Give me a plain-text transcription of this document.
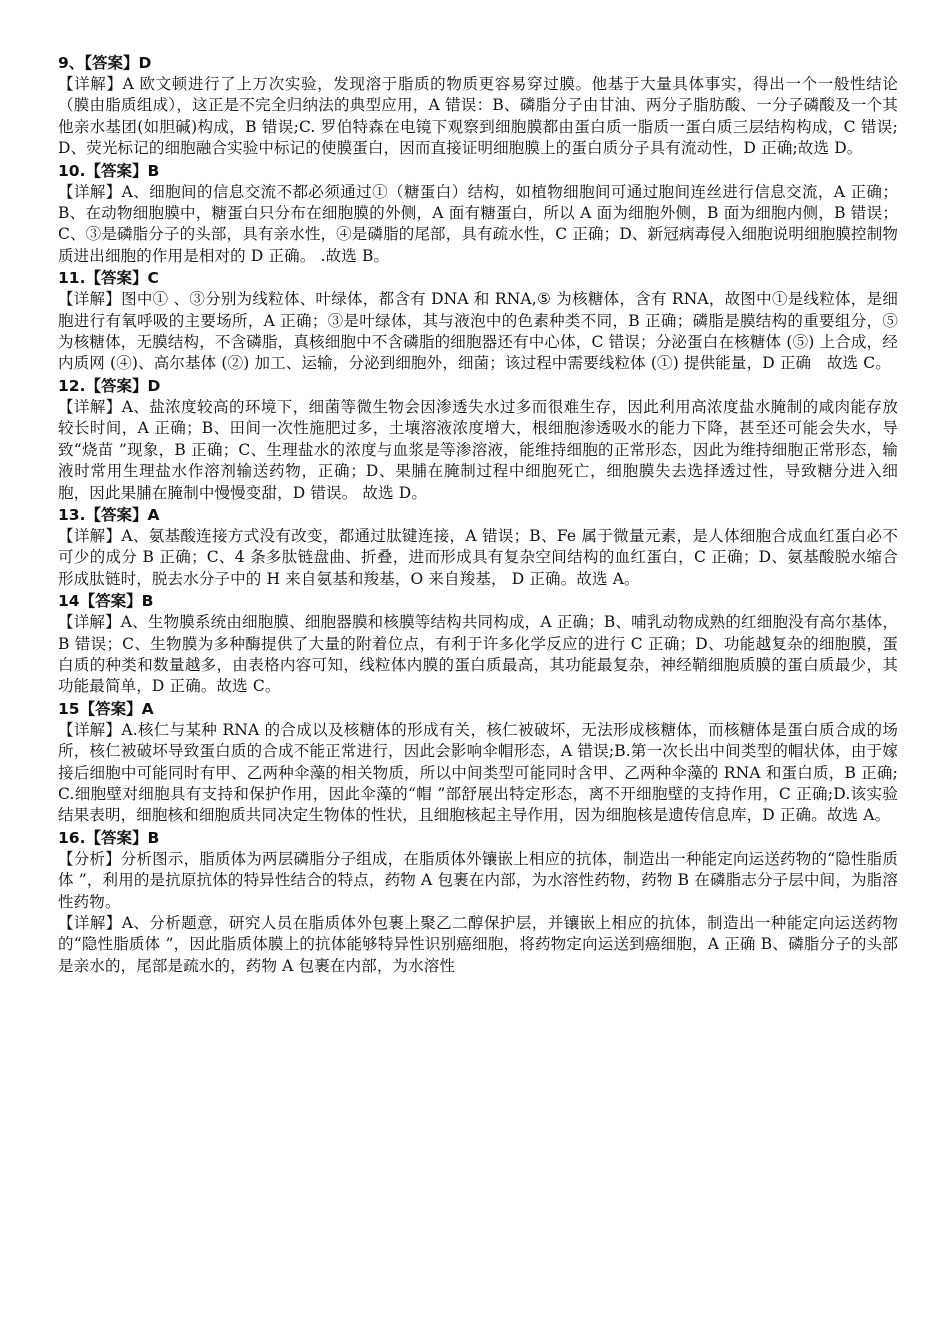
9、【答案】D

【详解】A 欧文顿进行了上万次实验，发现溶于脂质的物质更容易穿过膜。他基于大量具体事实，得出一个一般性结论（膜由脂质组成），这正是不完全归纳法的典型应用，A 错误：B、磷脂分子由甘油、两分子脂肪酸、一分子磷酸及一个其他亲水基团(如胆碱)构成，B 错误;C. 罗伯特森在电镜下观察到细胞膜都由蛋白质一脂质一蛋白质三层结构构成，C 错误;D、荧光标记的细胞融合实验中标记的使膜蛋白，因而直接证明细胞膜上的蛋白质分子具有流动性，D 正确;故选 D。

10.【答案】B

【详解】A、细胞间的信息交流不都必须通过①（糖蛋白）结构，如植物细胞间可通过胞间连丝进行信息交流，A 正确；B、在动物细胞膜中，糖蛋白只分布在细胞膜的外侧，A 面有糖蛋白，所以 A 面为细胞外侧，B 面为细胞内侧，B 错误；C、③是磷脂分子的头部，具有亲水性，④是磷脂的尾部，具有疏水性，C 正确；D、新冠病毒侵入细胞说明细胞膜控制物质进出细胞的作用是相对的 D 正确。 .故选 B。

11.【答案】C

【详解】图中① 、③分别为线粒体、叶绿体，都含有 DNA 和 RNA,⑤ 为核糖体，含有 RNA，故图中①是线粒体，是细胞进行有氧呼吸的主要场所，A 正确；③是叶绿体，其与液泡中的色素种类不同，B 正确；磷脂是膜结构的重要组分，⑤为核糖体，无膜结构，不含磷脂，真核细胞中不含磷脂的细胞器还有中心体，C 错误；分泌蛋白在核糖体 (⑤) 上合成，经内质网 (④)、高尔基体 (②) 加工、运输，分泌到细胞外，细菌；该过程中需要线粒体 (①) 提供能量，D 正确　故选 C。

12.【答案】D

【详解】A、盐浓度较高的环境下，细菌等微生物会因渗透失水过多而很难生存，因此利用高浓度盐水腌制的咸肉能存放较长时间，A 正确；B、田间一次性施肥过多，土壤溶液浓度增大，根细胞渗透吸水的能力下降，甚至还可能会失水，导致“烧苗 ”现象，B 正确；C、生理盐水的浓度与血浆是等渗溶液，能维持细胞的正常形态，因此为维持细胞正常形态，输液时常用生理盐水作溶剂输送药物，正确；D、果脯在腌制过程中细胞死亡，细胞膜失去选择透过性，导致糖分进入细胞，因此果脯在腌制中慢慢变甜，D 错误。 故选 D。

13.【答案】A

【详解】A、氨基酸连接方式没有改变，都通过肽键连接，A 错误；B、Fe 属于微量元素，是人体细胞合成血红蛋白必不可少的成分 B 正确；C、4 条多肽链盘曲、折叠，进而形成具有复杂空间结构的血红蛋白，C 正确；D、氨基酸脱水缩合形成肽链时，脱去水分子中的 H 来自氨基和羧基，O 来自羧基， D 正确。故选 A。

14【答案】B

【详解】A、生物膜系统由细胞膜、细胞器膜和核膜等结构共同构成，A 正确；B、哺乳动物成熟的红细胞没有高尔基体，B 错误；C、生物膜为多种酶提供了大量的附着位点，有利于许多化学反应的进行 C 正确；D、功能越复杂的细胞膜，蛋白质的种类和数量越多，由表格内容可知，线粒体内膜的蛋白质最高，其功能最复杂，神经鞘细胞质膜的蛋白质最少，其功能最简单，D 正确。故选 C。

15【答案】A

【详解】A.核仁与某种 RNA 的合成以及核糖体的形成有关，核仁被破坏，无法形成核糖体，而核糖体是蛋白质合成的场所，核仁被破坏导致蛋白质的合成不能正常进行，因此会影响伞帽形态，A 错误;B.第一次长出中间类型的帽状体，由于嫁接后细胞中可能同时有甲、乙两种伞藻的相关物质，所以中间类型可能同时含甲、乙两种伞藻的 RNA 和蛋白质，B 正确;C.细胞壁对细胞具有支持和保护作用，因此伞藻的“帽 ”部舒展出特定形态，离不开细胞壁的支持作用，C 正确;D.该实验结果表明，细胞核和细胞质共同决定生物体的性状，且细胞核起主导作用，因为细胞核是遗传信息库，D 正确。故选 A。

16.【答案】B

【分析】分析图示，脂质体为两层磷脂分子组成，在脂质体外镶嵌上相应的抗体，制造出一种能定向运送药物的“隐性脂质体 ”，利用的是抗原抗体的特异性结合的特点，药物 A 包裹在内部，为水溶性药物，药物 B 在磷脂志分子层中间，为脂溶性药物。

【详解】A、分析题意，研究人员在脂质体外包裹上聚乙二醇保护层，并镶嵌上相应的抗体，制造出一种能定向运送药物的“隐性脂质体 ”，因此脂质体膜上的抗体能够特异性识别癌细胞，将药物定向运送到癌细胞，A 正确 B、磷脂分子的头部是亲水的，尾部是疏水的，药物 A 包裹在内部，为水溶性
